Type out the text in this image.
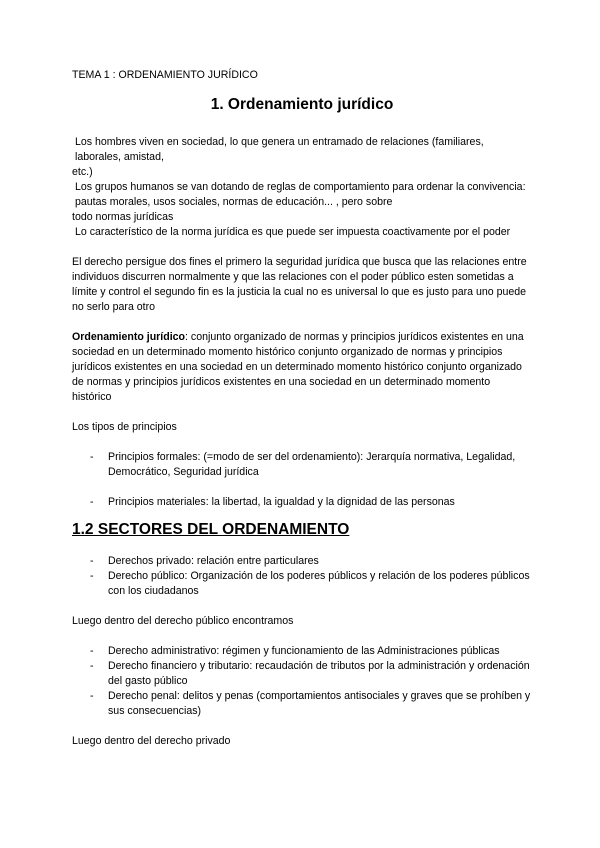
TEMA 1 : ORDENAMIENTO JURÍDICO

1. Ordenamiento jurídico

Los hombres viven en sociedad, lo que genera un entramado de relaciones (familiares, laborales, amistad,

etc.)

Los grupos humanos se van dotando de reglas de comportamiento para ordenar la convivencia: pautas morales, usos sociales, normas de educación... , pero sobre

todo normas jurídicas

Lo característico de la norma jurídica es que puede ser impuesta coactivamente por el poder

El derecho persigue dos fines el primero la seguridad jurídica que busca que las relaciones entre individuos discurren normalmente y que las relaciones con el poder público esten sometidas a límite y control el segundo fin es la justicia la cual no es universal lo que es justo para uno puede no serlo para otro

Ordenamiento jurídico: conjunto organizado de normas y principios jurídicos existentes en una sociedad en un determinado momento histórico conjunto organizado de normas y principios jurídicos existentes en una sociedad en un determinado momento histórico conjunto organizado de normas y principios jurídicos existentes en una sociedad en un determinado momento histórico

Los tipos de principios

- Principios formales: (=modo de ser del ordenamiento): Jerarquía normativa, Legalidad, Democrático, Seguridad jurídica
- Principios materiales: la libertad, la igualdad y la dignidad de las personas

1.2 SECTORES DEL ORDENAMIENTO

- Derechos privado: relación entre particulares
- Derecho público: Organización de los poderes públicos y relación de los poderes públicos con los ciudadanos

Luego dentro del derecho público encontramos

- Derecho administrativo: régimen y funcionamiento de las Administraciones públicas
- Derecho financiero y tributario: recaudación de tributos por la administración y ordenación del gasto público
- Derecho penal: delitos y penas (comportamientos antisociales y graves que se prohíben y sus consecuencias)

Luego dentro del derecho privado
